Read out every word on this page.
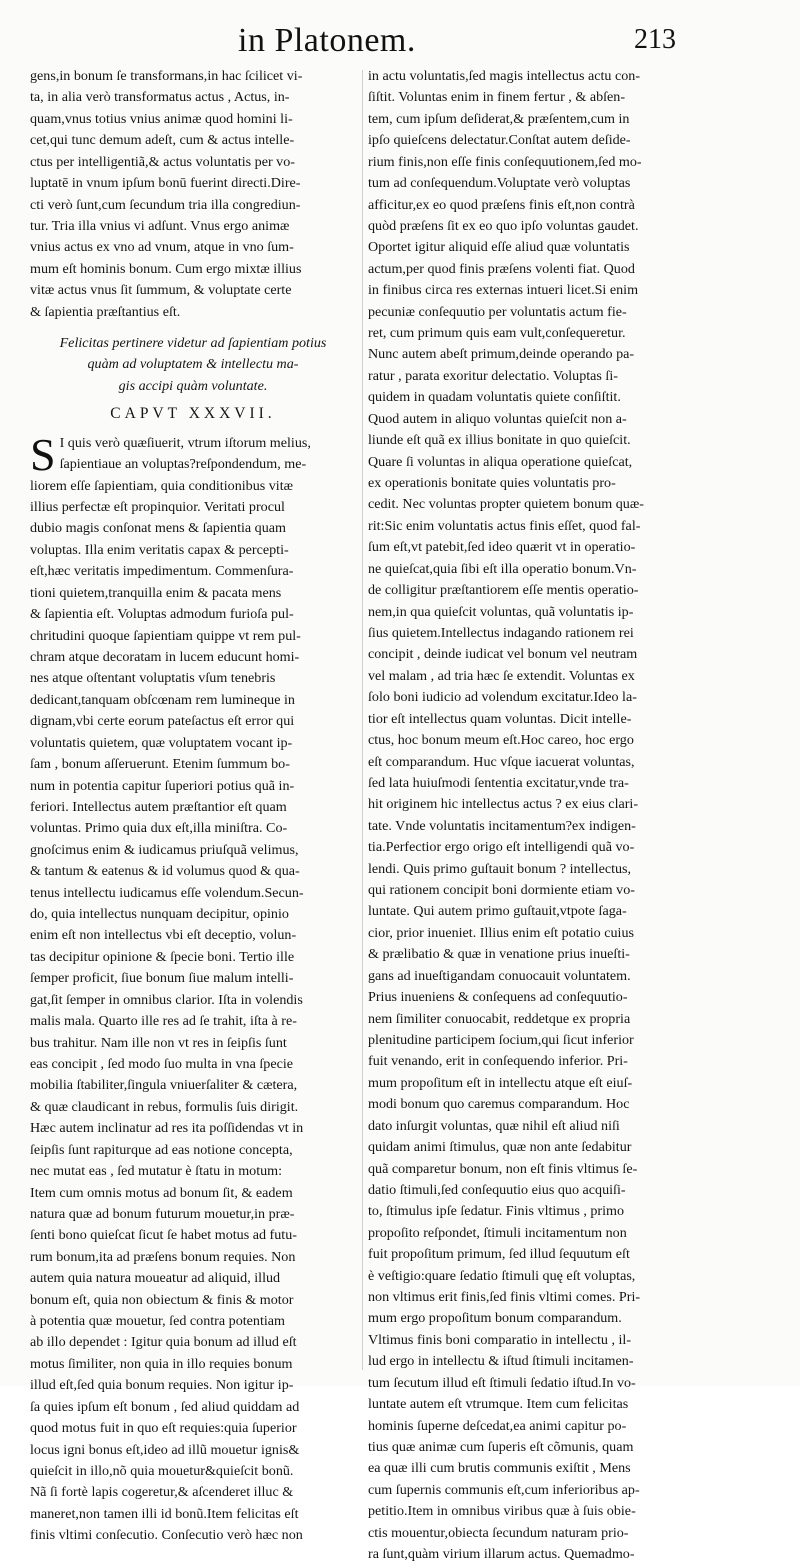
in Platonem.	213
gens,in bonum ſe transformans,in hac ſcilicet vi-
ta, in alia verò transformatus actus , Actus, in-
quam,vnus totius vnius animæ quod homini li-
cet,qui tunc demum adeſt, cum & actus intelle-
ctus per intelligentiã,& actus voluntatis per vo-
luptatē in vnum ipſum bonū fuerint directi.Dire-
cti verò ſunt,cum ſecundum tria illa congrediun-
tur. Tria illa vnius vi adſunt. Vnus ergo animæ
vnius actus ex vno ad vnum, atque in vno ſum-
mum eſt hominis bonum. Cum ergo mixtæ illius
vitæ actus vnus ſit ſummum, & voluptate certe
& ſapientia præſtantius eſt.
Felicitas pertinere videtur ad ſapientiam potius
quàm ad voluptatem & intellectu ma-
gis accipi quàm voluntate.
CAPVT XXXVII.
S I quis verò quæſiuerit, vtrum iſtorum melius,
ſapientiaue an voluptas?reſpondendum, me-
liorem eſſe ſapientiam, quia conditionibus vitæ
illius perfectæ eſt propinquior. Veritati procul
dubio magis conſonat mens & ſapientia quam
voluptas. Illa enim veritatis capax & percepti-
eſt,hæc veritatis impedimentum. Commenſura-
tioni quietem,tranquilla enim & pacata mens
& ſapientia eſt. Voluptas admodum furioſa pul-
chritudini quoque ſapientiam quippe vt rem pul-
chram atque decoratam in lucem educunt homi-
nes atque oſtentant voluptatis vſum tenebris
dedicant,tanquam obſcœnam rem lumineque in
dignam,vbi certe eorum pateſactus eſt error qui
voluntatis quietem, quæ voluptatem vocant ip-
ſam , bonum aſſeruerunt. Etenim ſummum bo-
num in potentia capitur ſuperiori potius quã in-
feriori. Intellectus autem præſtantior eſt quam
voluntas. Primo quia dux eſt,illa miniſtra. Co-
gnoſcimus enim & iudicamus priuſquã velimus,
& tantum & eatenus & id volumus quod & qua-
tenus intellectu iudicamus eſſe volendum.Secun-
do, quia intellectus nunquam decipitur, opinio
enim eſt non intellectus vbi eſt deceptio, volun-
tas decipitur opinione & ſpecie boni. Tertio ille
ſemper proficit, ſiue bonum ſiue malum intelli-
gat,ſit ſemper in omnibus clarior. Iſta in volendis
malis mala. Quarto ille res ad ſe trahit, iſta à re-
bus trahitur. Nam ille non vt res in ſeipſis ſunt
eas concipit , ſed modo ſuo multa in vna ſpecie
mobilia ſtabiliter,ſingula vniuerſaliter & cætera,
& quæ claudicant in rebus, formulis ſuis dirigit.
Hæc autem inclinatur ad res ita poſſidendas vt in
ſeipſis ſunt rapiturque ad eas notione concepta,
nec mutat eas , ſed mutatur è ſtatu in motum:
Item cum omnis motus ad bonum ſit, & eadem
natura quæ ad bonum futurum mouetur,in præ-
ſenti bono quieſcat ſicut ſe habet motus ad futu-
rum bonum,ita ad præſens bonum requies. Non
autem quia natura moueatur ad aliquid, illud
bonum eſt, quia non obiectum & finis & motor
à potentia quæ mouetur, ſed contra potentiam
ab illo dependet : Igitur quia bonum ad illud eſt
motus ſimiliter, non quia in illo requies bonum
illud eſt,ſed quia bonum requies. Non igitur ip-
ſa quies ipſum eſt bonum , ſed aliud quiddam ad
quod motus fuit in quo eſt requies:quia ſuperior
locus igni bonus eſt,ideo ad illũ mouetur ignis&
quieſcit in illo,nõ quia mouetur&quieſcit bonũ.
Nã ſi fortè lapis cogeretur,& aſcenderet illuc &
maneret,non tamen illi id bonũ.Item felicitas eſt
finis vltimi conſecutio. Conſecutio verò hæc non
in actu voluntatis,ſed magis intellectus actu con-
ſiſtit. Voluntas enim in finem fertur , & abſen-
tem, cum ipſum deſiderat,& præſentem,cum in
ipſo quieſcens delectatur.Conſtat autem deſide-
rium finis,non eſſe finis conſequutionem,ſed mo-
tum ad conſequendum.Voluptate verò voluptas
afficitur,ex eo quod præſens finis eſt,non contrà
quòd præſens ſit ex eo quo ipſo voluntas gaudet.
Oportet igitur aliquid eſſe aliud quæ voluntatis
actum,per quod finis præſens volenti fiat. Quod
in finibus circa res externas intueri licet.Si enim
pecuniæ conſequutio per voluntatis actum fie-
ret, cum primum quis eam vult,conſequeretur.
Nunc autem abeſt primum,deinde operando pa-
ratur , parata exoritur delectatio. Voluptas ſi-
quidem in quadam voluntatis quiete conſiſtit.
Quod autem in aliquo voluntas quieſcit non a-
liunde eſt quã ex illius bonitate in quo quieſcit.
Quare ſi voluntas in aliqua operatione quieſcat,
ex operationis bonitate quies voluntatis pro-
cedit. Nec voluntas propter quietem bonum quæ-
rit:Sic enim voluntatis actus finis eſſet, quod fal-
ſum eſt,vt patebit,ſed ideo quærit vt in operatio-
ne quieſcat,quia ſibi eſt illa operatio bonum.Vn-
de colligitur præſtantiorem eſſe mentis operatio-
nem,in qua quieſcit voluntas, quã voluntatis ip-
ſius quietem.Intellectus indagando rationem rei
concipit , deinde iudicat vel bonum vel neutram
vel malam , ad tria hæc ſe extendit. Voluntas ex
ſolo boni iudicio ad volendum excitatur.Ideo la-
tior eſt intellectus quam voluntas. Dicit intelle-
ctus, hoc bonum meum eſt.Hoc careo, hoc ergo
eſt comparandum. Huc vſque iacuerat voluntas,
ſed lata huiuſmodi ſententia excitatur,vnde tra-
hit originem hic intellectus actus ? ex eius clari-
tate. Vnde voluntatis incitamentum?ex indigen-
tia.Perfectior ergo origo eſt intelligendi quã vo-
lendi. Quis primo guſtauit bonum ? intellectus,
qui rationem concipit boni dormiente etiam vo-
luntate. Qui autem primo guſtauit,vtpote ſaga-
cior, prior inueniet. Illius enim eſt potatio cuius
& prælibatio & quæ in venatione prius inueſti-
gans ad inueſtigandam conuocauit voluntatem.
Prius inueniens & conſequens ad conſequutio-
nem ſimiliter conuocabit, reddetque ex propria
plenitudine participem ſocium,qui ſicut inferior
fuit venando, erit in conſequendo inferior. Pri-
mum propoſitum eſt in intellectu atque eſt eiuſ-
modi bonum quo caremus comparandum. Hoc
dato inſurgit voluntas, quæ nihil eſt aliud niſi
quidam animi ſtimulus, quæ non ante ſedabitur
quã comparetur bonum, non eſt finis vltimus ſe-
datio ſtimuli,ſed conſequutio eius quo acquiſi-
to, ſtimulus ipſe ſedatur. Finis vltimus , primo
propoſito reſpondet, ſtimuli incitamentum non
fuit propoſitum primum, ſed illud ſequutum eſt
è veſtigio:quare ſedatio ſtimuli quę eſt voluptas,
non vltimus erit finis,ſed finis vltimi comes. Pri-
mum ergo propoſitum bonum comparandum.
Vltimus finis boni comparatio in intellectu , il-
lud ergo in intellectu & iſtud ſtimuli incitamen-
tum ſecutum illud eſt ſtimuli ſedatio iſtud.In vo-
luntate autem eſt vtrumque. Item cum felicitas
hominis ſuperne deſcedat,ea animi capitur po-
tius quæ animæ cum ſuperis eſt cõmunis, quam
ea quæ illi cum brutis communis exiſtit , Mens
cum ſupernis communis eſt,cum inferioribus ap-
petitio.Item in omnibus viribus quæ à ſuis obie-
ctis mouentur,obiecta ſecundum naturam prio-
ra ſunt,quàm virium illarum actus. Quemadmo-
